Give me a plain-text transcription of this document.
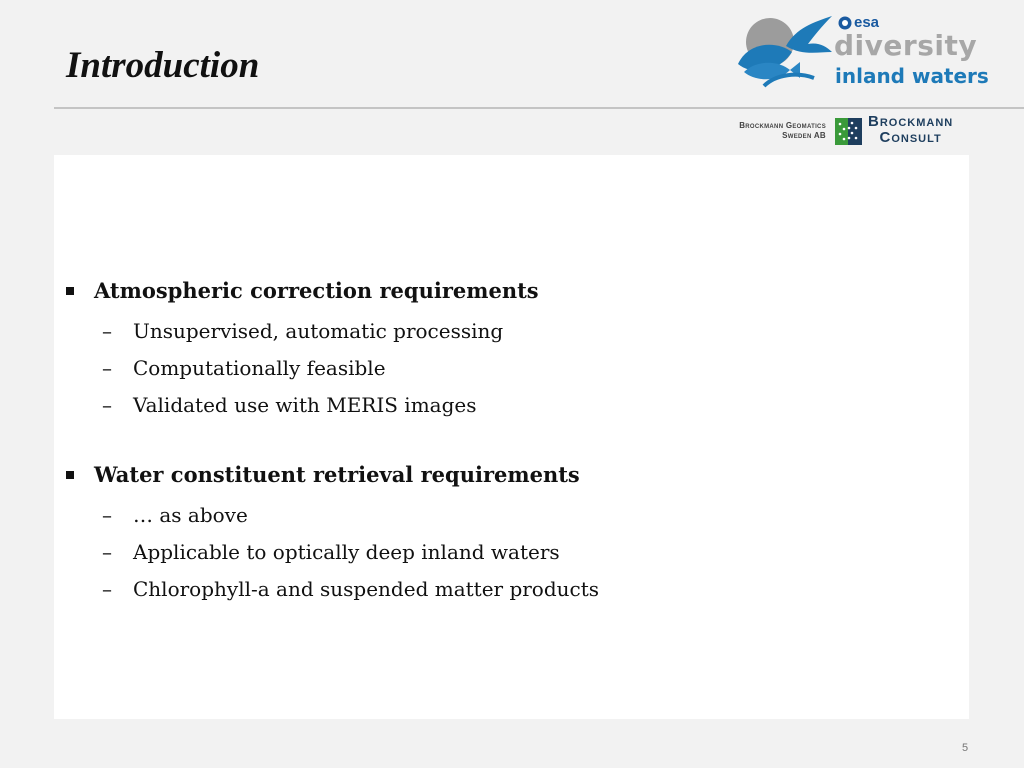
Introduction
esa
diversity
inland waters
Brockmann Geomatics
Sweden AB
Brockmann
Consult
Atmospheric correction requirements
– Unsupervised, automatic processing
– Computationally feasible
– Validated use with MERIS images
Water constituent retrieval requirements
– … as above
– Applicable to optically deep inland waters
– Chlorophyll-a and suspended matter products
5
